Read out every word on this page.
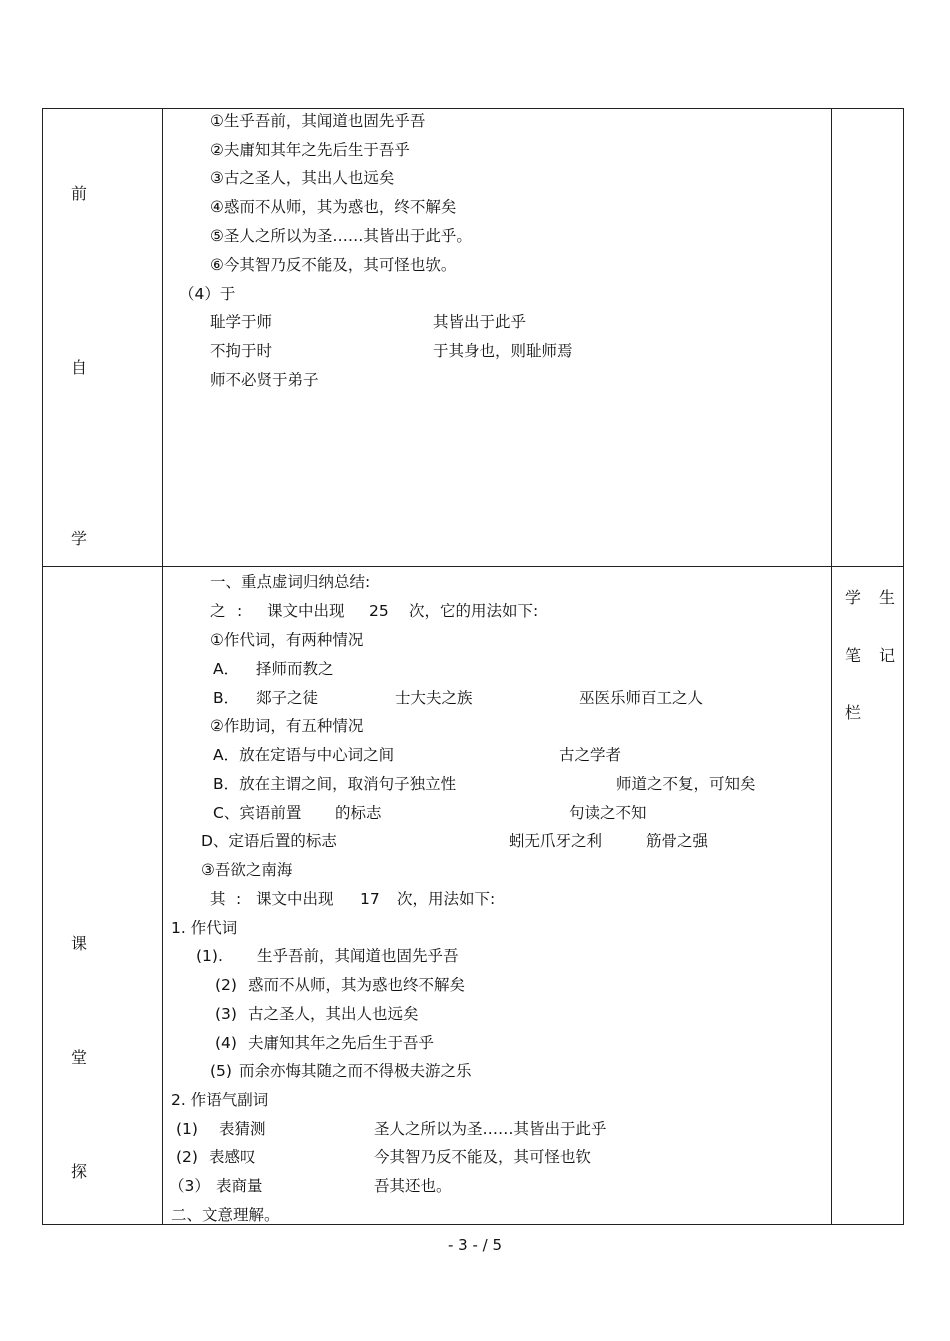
前
自
学
①生乎吾前，其闻道也固先乎吾
②夫庸知其年之先后生于吾乎
③古之圣人，其出人也远矣
④惑而不从师，其为惑也，终不解矣
⑤圣人之所以为圣……其皆出于此乎。
⑥今其智乃反不能及，其可怪也欤。
（4）于
耻学于师	其皆出于此乎
不拘于时	于其身也，则耻师焉
师不必贤于弟子
课
堂
探
学 生
笔 记
栏
一、重点虚词归纳总结:
之 : 课文中出现 25 次，它的用法如下:
①作代词，有两种情况
A． 择师而教之
B． 郯子之徒	士大夫之族	巫医乐师百工之人
②作助词，有五种情况
A．放在定语与中心词之间	古之学者
B．放在主谓之间，取消句子独立性	师道之不复，可知矣
C、宾语前置 的标志	句读之不知
D、定语后置的标志	蚓无爪牙之利	筋骨之强
③吾欲之南海
其 : 课文中出现 17 次，用法如下:
1. 作代词
(1). 生乎吾前，其闻道也固先乎吾
(2) 惑而不从师，其为惑也终不解矣
(3) 古之圣人，其出人也远矣
(4) 夫庸知其年之先后生于吾乎
(5) 而余亦悔其随之而不得极夫游之乐
2. 作语气副词
(1) 表猜测	圣人之所以为圣……其皆出于此乎
(2) 表感叹	今其智乃反不能及，其可怪也钦
（3） 表商量	吾其还也。
二、文意理解。
- 3 - / 5
